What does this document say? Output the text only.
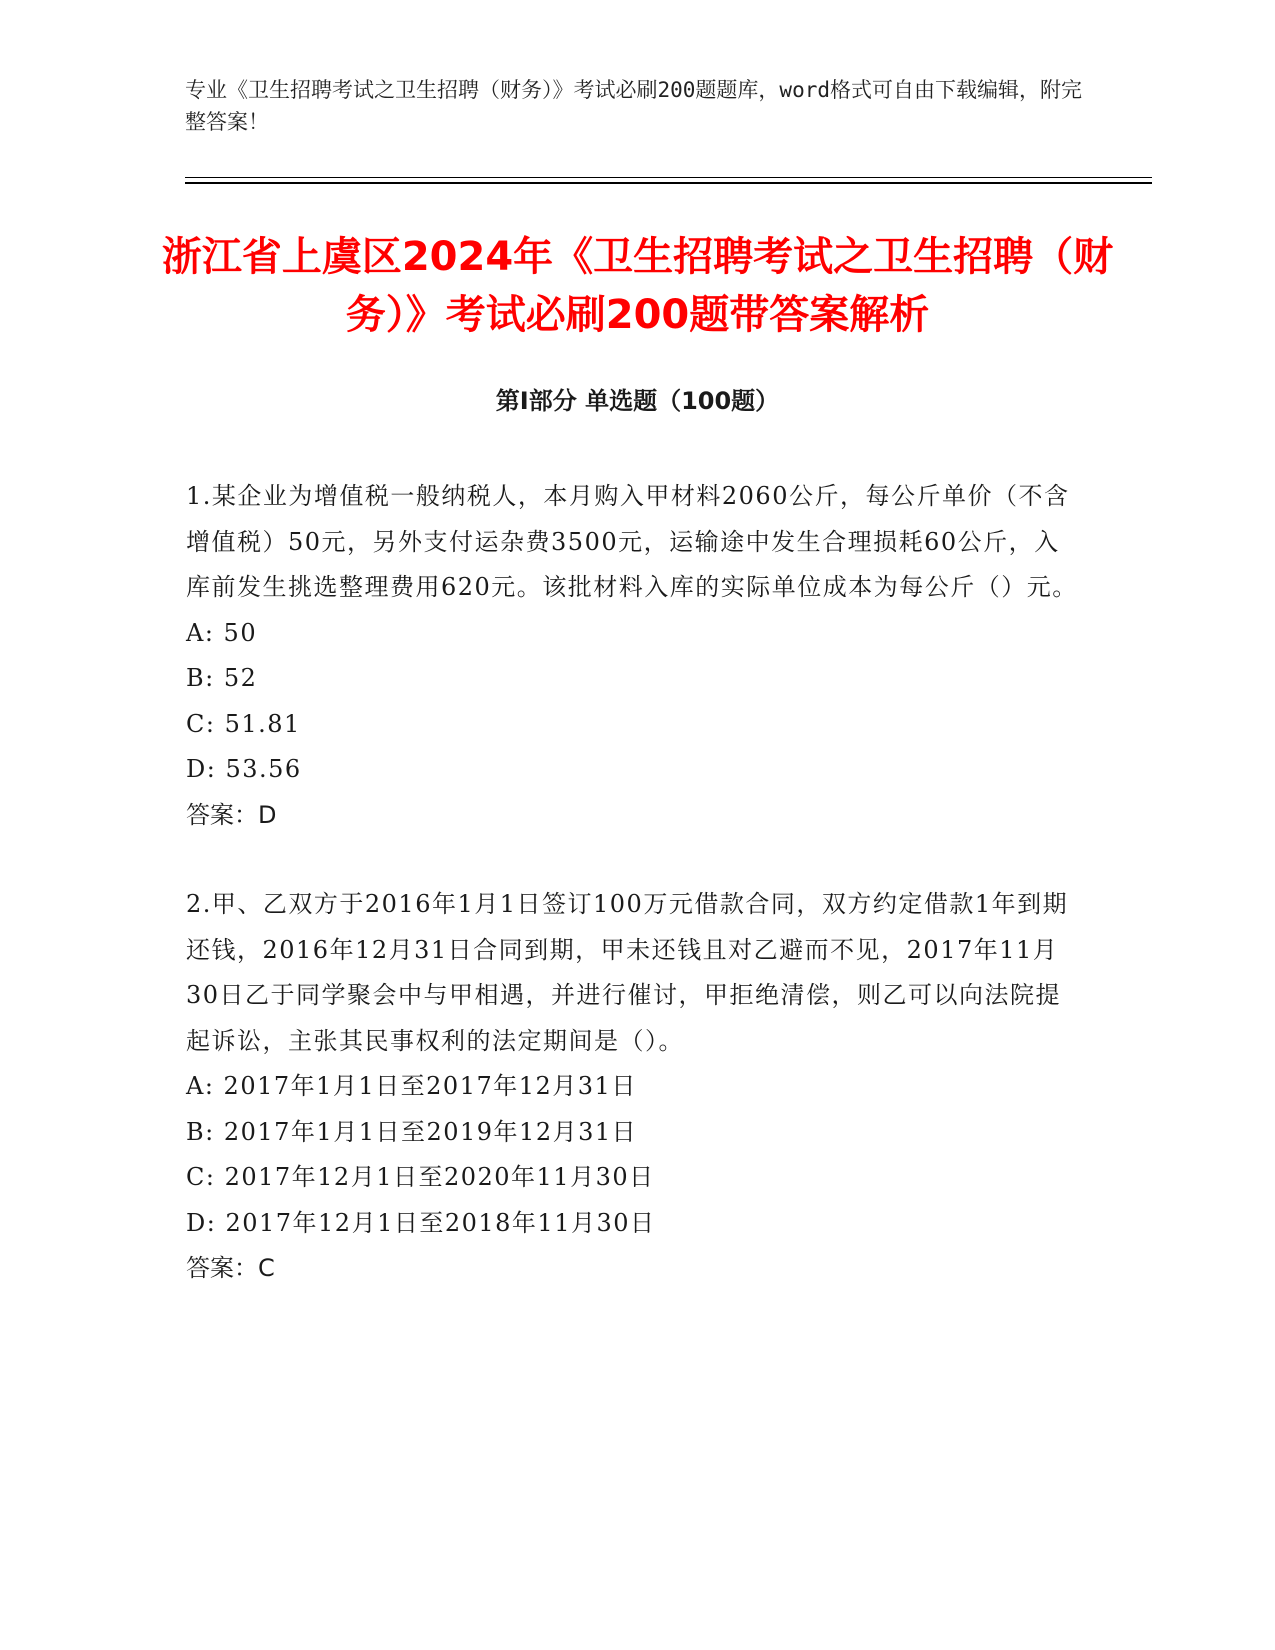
专业《卫生招聘考试之卫生招聘（财务）》考试必刷200题题库，word格式可自由下载编辑，附完整答案！

浙江省上虞区2024年《卫生招聘考试之卫生招聘（财务）》考试必刷200题带答案解析
第I部分 单选题（100题）

1.某企业为增值税一般纳税人，本月购入甲材料2060公斤，每公斤单价（不含增值税）50元，另外支付运杂费3500元，运输途中发生合理损耗60公斤，入库前发生挑选整理费用620元。该批材料入库的实际单位成本为每公斤（）元。

A: 50

B: 52

C: 51.81

D: 53.56

答案：D

2.甲、乙双方于2016年1月1日签订100万元借款合同，双方约定借款1年到期还钱，2016年12月31日合同到期，甲未还钱且对乙避而不见，2017年11月30日乙于同学聚会中与甲相遇，并进行催讨，甲拒绝清偿，则乙可以向法院提起诉讼，主张其民事权利的法定期间是（）。

A: 2017年1月1日至2017年12月31日

B: 2017年1月1日至2019年12月31日

C: 2017年12月1日至2020年11月30日

D: 2017年12月1日至2018年11月30日

答案：C
